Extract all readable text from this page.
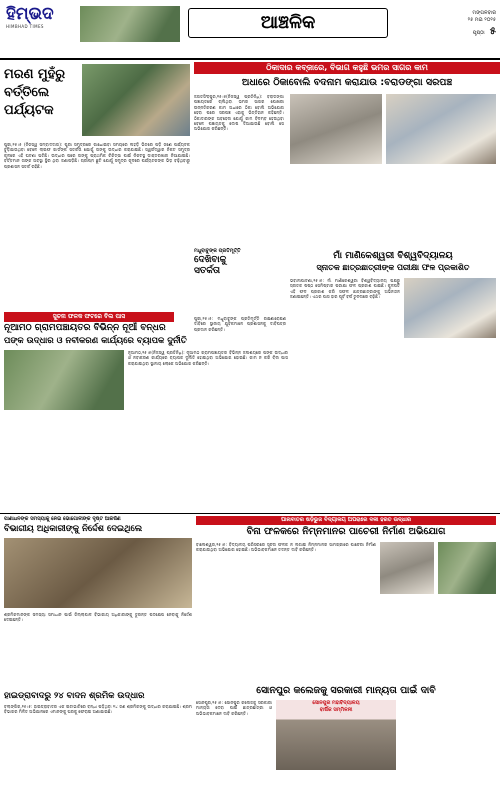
ହିମ୍ଭଦ
HIMBHAD TIMES	ଆଞ୍ଚଳିକ	ମଙ୍ଗଳବାର
୨୫ ମଇ ୨୦୨୫
ପୃଷ୍ଠା ୫
ମରଣ ମୁହଁରୁ
ବର୍ତ୍ତିଲେ
ପର୍ଯ୍ୟଟକ
ପୁରୀ,୨୫।୫ (ନିଜସ୍ୱ ସମ୍ବାଦଦାତା): ପୁରୀ ସମୁଦ୍ରରେ ଗାଧୋଇବା ସମୟରେ ଲହଡ଼ି ଭିତରେ ପଡ଼ି ଜଣେ ପର୍ଯ୍ୟଟକ ବୁଡ଼ିଯାଉଥିବା ବେଳେ ଲାଇଫ ଗାର୍ଡଙ୍କ ସତର୍କତା ଯୋଗୁଁ ତାଙ୍କୁ ଉଦ୍ଧାର କରାଯାଇଛି। ସ୍ୱର୍ଗଦ୍ୱାର ନିକଟ ସମୁଦ୍ର କୂଳରେ ଏହି ଘଟଣା ଘଟିଛି। ଉଦ୍ଧାର ପରେ ତାଙ୍କୁ ପ୍ରାଥମିକ ଚିକିତ୍ସା ପାଇଁ ନିକଟସ୍ଥ ଡାକ୍ତରଖାନା ନିଆଯାଇଛି। ବର୍ତ୍ତମାନ ତାଙ୍କ ଅବସ୍ଥା ସ୍ଥିର ଥିବା ଜଣାପଡ଼ିଛି। ଗ୍ରୀଷ୍ମ ଛୁଟି ଯୋଗୁଁ ସମୁଦ୍ର କୂଳରେ ପର୍ଯ୍ୟଟକଙ୍କ ଭିଡ଼ ବଢ଼ିଥିବାରୁ ପ୍ରଶାସନ ସତର୍କ ରହିଛି।
ଠିକାଦାର କବ୍ଜାରେ, ବିଭାଗ କହୁଛି ଭମର ସାଗର କାମ
ଅଧାରେ ଠିକାବୋଲି ବଦନାମ କରାଯାଉ :ବରାଡଙ୍ଗା ସରପଞ୍ଚ
ଜଗତସିଂହପୁର,୨୫।୫(ନିଜସ୍ୱ ପ୍ରତିନିଧି): ବରାଡଙ୍ଗା ପଞ୍ଚାୟତରେ ଚାଲିଥିବା ଭମର ସାଗର ପୋଖରୀ ଉନ୍ନତିକରଣ କାମ ଅଧାରେ ଠିକା ବୋଲି ଅଭିଯୋଗ ହେବା ପରେ ସରପଞ୍ଚ ଏହାକୁ ଭିତ୍ତିହୀନ କହିଛନ୍ତି। ଠିକାଦାରଙ୍କ ଅବହେଳା ଯୋଗୁଁ କାମ ବିଳମ୍ବ ହେଉଥିବା ବେଳେ ପଞ୍ଚାୟତକୁ ଦୋଷ ଦିଆଯାଉଛି ବୋଲି ସେ ଅଭିଯୋଗ କରିଛନ୍ତି।
ମଧୁବାବୁଙ୍କ ପ୍ରତିମୂର୍ତ୍ତି
ଦେଖିବାକୁ
ସତର୍କତା
ମାଁ ମାଣିକେଶ୍ୱରୀ ବିଶ୍ୱବିଦ୍ୟାଳୟ
ସ୍ନାତକ ଛାତ୍ରଛାତ୍ରୀଙ୍କ ପରୀକ୍ଷା ଫଳ ପ୍ରକାଶିତ
ଭବାନୀପାଟଣା,୨୫।୫: ମାଁ ମାଣିକେଶ୍ୱରୀ ବିଶ୍ୱବିଦ୍ୟାଳୟ ପକ୍ଷରୁ ସ୍ନାତକ ଷଷ୍ଠ ସେମିଷ୍ଟାର ପରୀକ୍ଷା ଫଳ ପ୍ରକାଶ ପାଇଛି। କୁଳପତି ଏହି ଫଳ ପ୍ରକାଶ କରି ସଫଳ ଛାତ୍ରଛାତ୍ରୀଙ୍କୁ ଅଭିନନ୍ଦନ ଜଣାଇଛନ୍ତି। ଏଥର ପାସ ହାର ପୂର୍ବ ବର୍ଷ ତୁଳନାରେ ବଢ଼ିଛି।
ପୁରୀ,୨୫।୫: ମଧୁବାବୁଙ୍କ ପ୍ରତିମୂର୍ତ୍ତି ରକ୍ଷଣାବେକ୍ଷଣ ଦାବିରେ ସ୍ଥାନୀୟ ଯୁବକମାନେ ପ୍ରଶାସନକୁ ଦାବିପତ୍ର ପ୍ରଦାନ କରିଛନ୍ତି।
ସୁଚନା ଫଳକ ଫଟରେ ବିଲ ପାସ
ନୂଆମଠ ଗ୍ରାମପଞ୍ଚାୟତର ବିଭିନ୍ନ ନୂଆଁ ବନ୍ଧର
ପଙ୍କ ଉଦ୍ଧାର ଓ ନବୀକରଣ କାର୍ଯ୍ୟରେ ବ୍ୟାପକ ଦୁର୍ନୀତି
ନୂଆମଠ,୨୫।୫(ନିଜସ୍ୱ ପ୍ରତିନିଧି): ନୂଆମଠ ଗ୍ରାମପଞ୍ଚାୟତର ବିଭିନ୍ନ ଜଳାଶୟରେ ପଙ୍କ ଉଦ୍ଧାର ଓ ନବୀକରଣ କାର୍ଯ୍ୟରେ ବ୍ୟାପକ ଦୁର୍ନୀତି ହୋଇଥିବା ଅଭିଯୋଗ ହୋଇଛି। କାମ ନ କରି ବିଲ ପାସ କରାଯାଇଥିବା ସ୍ଥାନୀୟ ଲୋକେ ଅଭିଯୋଗ କରିଛନ୍ତି।
ପାଣାଧନଙ୍କ ସମସ୍ୟାକୁ ନେଇ ଭୋଗୋଳୀଙ୍କ ଦୃଷ୍ଟ ଆକର୍ଷଣ
ବିଭାଗୀୟ ଅଧିକାରୀଙ୍କୁ ନିର୍ଦ୍ଦେଶ ଦେଇଥିଲେ
ଶ୍ରମିକମାନଙ୍କ ସମସ୍ୟା ସମାଧାନ ପାଇଁ ଜିଲ୍ଲାପାଳ ବିଭାଗୀୟ ଅଧିକାରୀଙ୍କୁ ତୁରନ୍ତ ପଦକ୍ଷେପ ନେବାକୁ ନିର୍ଦ୍ଦେଶ ଦେଇଛନ୍ତି।
ପାନାବାତର ଷଡ଼ିଭୁଜ ବିଦ୍ୟାଳୟ ଅପରାରେ ଦଳୀ ହରତ ଉଦ୍ଧାର
ବିନା ଫଳକରେ ନିମ୍ନମାନର ପାଚେରୀ ନିର୍ମାଣ ଅଭିଯୋଗ
ବାଲେଶ୍ୱର,୨୫।୫: ବିଦ୍ୟାଳୟ ପରିସରରେ ସୂଚନା ଫଳକ ନ ଲଗାଇ ନିମ୍ନମାନର ସାମଗ୍ରୀରେ ପାଚେରୀ ନିର୍ମାଣ କରାଯାଉଥିବା ଅଭିଯୋଗ ହୋଇଛି। ଅଭିଭାବକମାନେ ତଦନ୍ତ ଦାବି କରିଛନ୍ତି।
ହାଇଡ୍ରାବାଦରୁ ୨୪ ବାଦନ ଶ୍ରମିକ ଉଦ୍ଧାର
ବଲାଙ୍ଗିର,୨୫।୫: ହାଇଡ୍ରାବାଦର ଏକ ଇଟାଭାଟିରେ ବନ୍ଧା ପଡ଼ିଥିବା ୨୪ ଜଣ ଶ୍ରମିକଙ୍କୁ ଉଦ୍ଧାର କରାଯାଇଛି। ଶ୍ରମ ବିଭାଗର ମିଳିତ ଅଭିଯାନରେ ଏମାନଙ୍କୁ ଘରକୁ ଫେରାଇ ଅଣାଯାଇଛି।
ସୋନପୁର କଲେଜକୁ ସରକାରୀ ମାନ୍ୟତା ପାଇଁ ଦାବି
ସୋନପୁର ମହାବିଦ୍ୟାଳୟ
ବାର୍ଷିକ ସମ୍ମିଳନୀ
ସୋନପୁର,୨୫।୫: ସୋନପୁର କଲେଜକୁ ସରକାରୀ ମାନ୍ୟତା ଦେବା ପାଇଁ ଛାତ୍ରଛାତ୍ରୀ ଓ ଅଭିଭାବକମାନେ ଦାବି କରିଛନ୍ତି।
